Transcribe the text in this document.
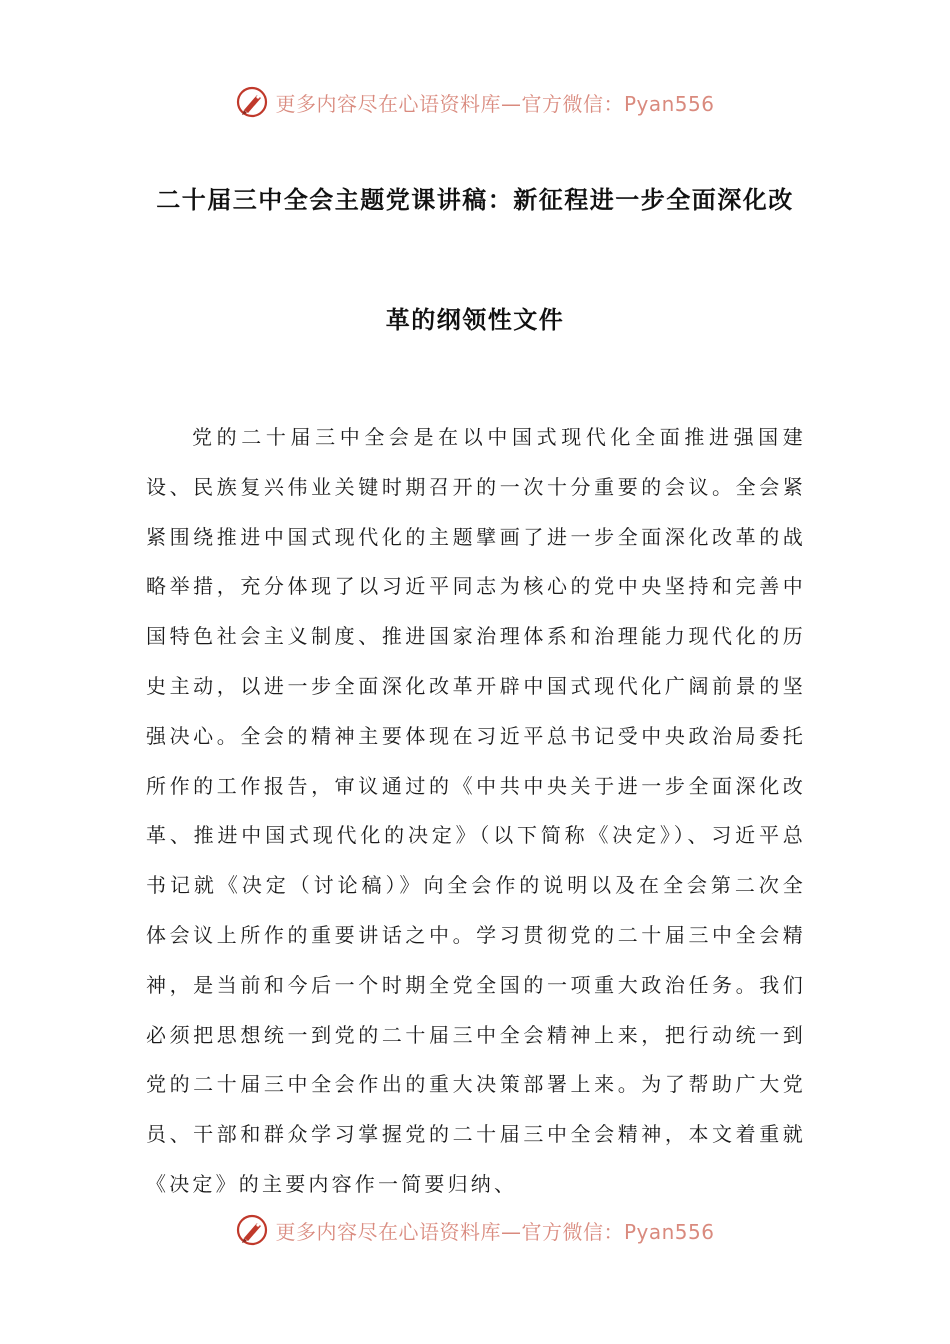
更多内容尽在心语资料库—官方微信：Pyan556
二十届三中全会主题党课讲稿：新征程进一步全面深化改
革的纲领性文件

党的二十届三中全会是在以中国式现代化全面推进强国建设、民族复兴伟业关键时期召开的一次十分重要的会议。全会紧紧围绕推进中国式现代化的主题擘画了进一步全面深化改革的战略举措，充分体现了以习近平同志为核心的党中央坚持和完善中国特色社会主义制度、推进国家治理体系和治理能力现代化的历史主动，以进一步全面深化改革开辟中国式现代化广阔前景的坚强决心。全会的精神主要体现在习近平总书记受中央政治局委托所作的工作报告，审议通过的《中共中央关于进一步全面深化改革、推进中国式现代化的决定》（以下简称《决定》）、习近平总书记就《决定（讨论稿）》向全会作的说明以及在全会第二次全体会议上所作的重要讲话之中。学习贯彻党的二十届三中全会精神，是当前和今后一个时期全党全国的一项重大政治任务。我们必须把思想统一到党的二十届三中全会精神上来，把行动统一到党的二十届三中全会作出的重大决策部署上来。为了帮助广大党员、干部和群众学习掌握党的二十届三中全会精神，本文着重就《决定》的主要内容作一简要归纳、

更多内容尽在心语资料库—官方微信：Pyan556
